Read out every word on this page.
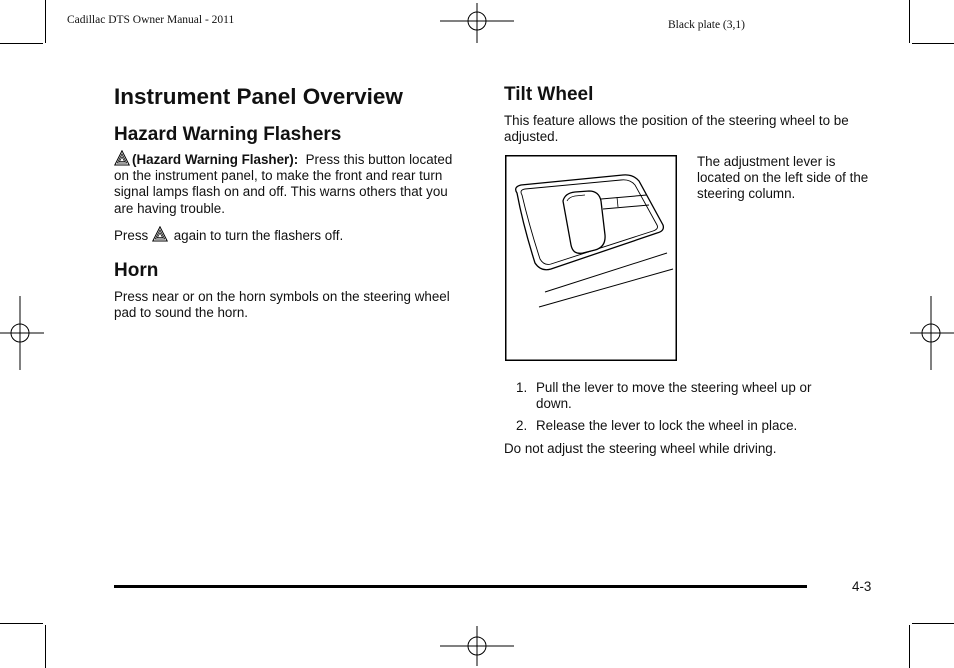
Cadillac DTS Owner Manual - 2011	Black plate (3,1)
Instrument Panel Overview
Hazard Warning Flashers
(Hazard Warning Flasher): Press this button located on the instrument panel, to make the front and rear turn signal lamps flash on and off. This warns others that you are having trouble.
Press again to turn the flashers off.
Horn
Press near or on the horn symbols on the steering wheel pad to sound the horn.
Tilt Wheel
This feature allows the position of the steering wheel to be adjusted.
The adjustment lever is located on the left side of the steering column.
1. Pull the lever to move the steering wheel up or down.
2. Release the lever to lock the wheel in place.
Do not adjust the steering wheel while driving.
4-3
